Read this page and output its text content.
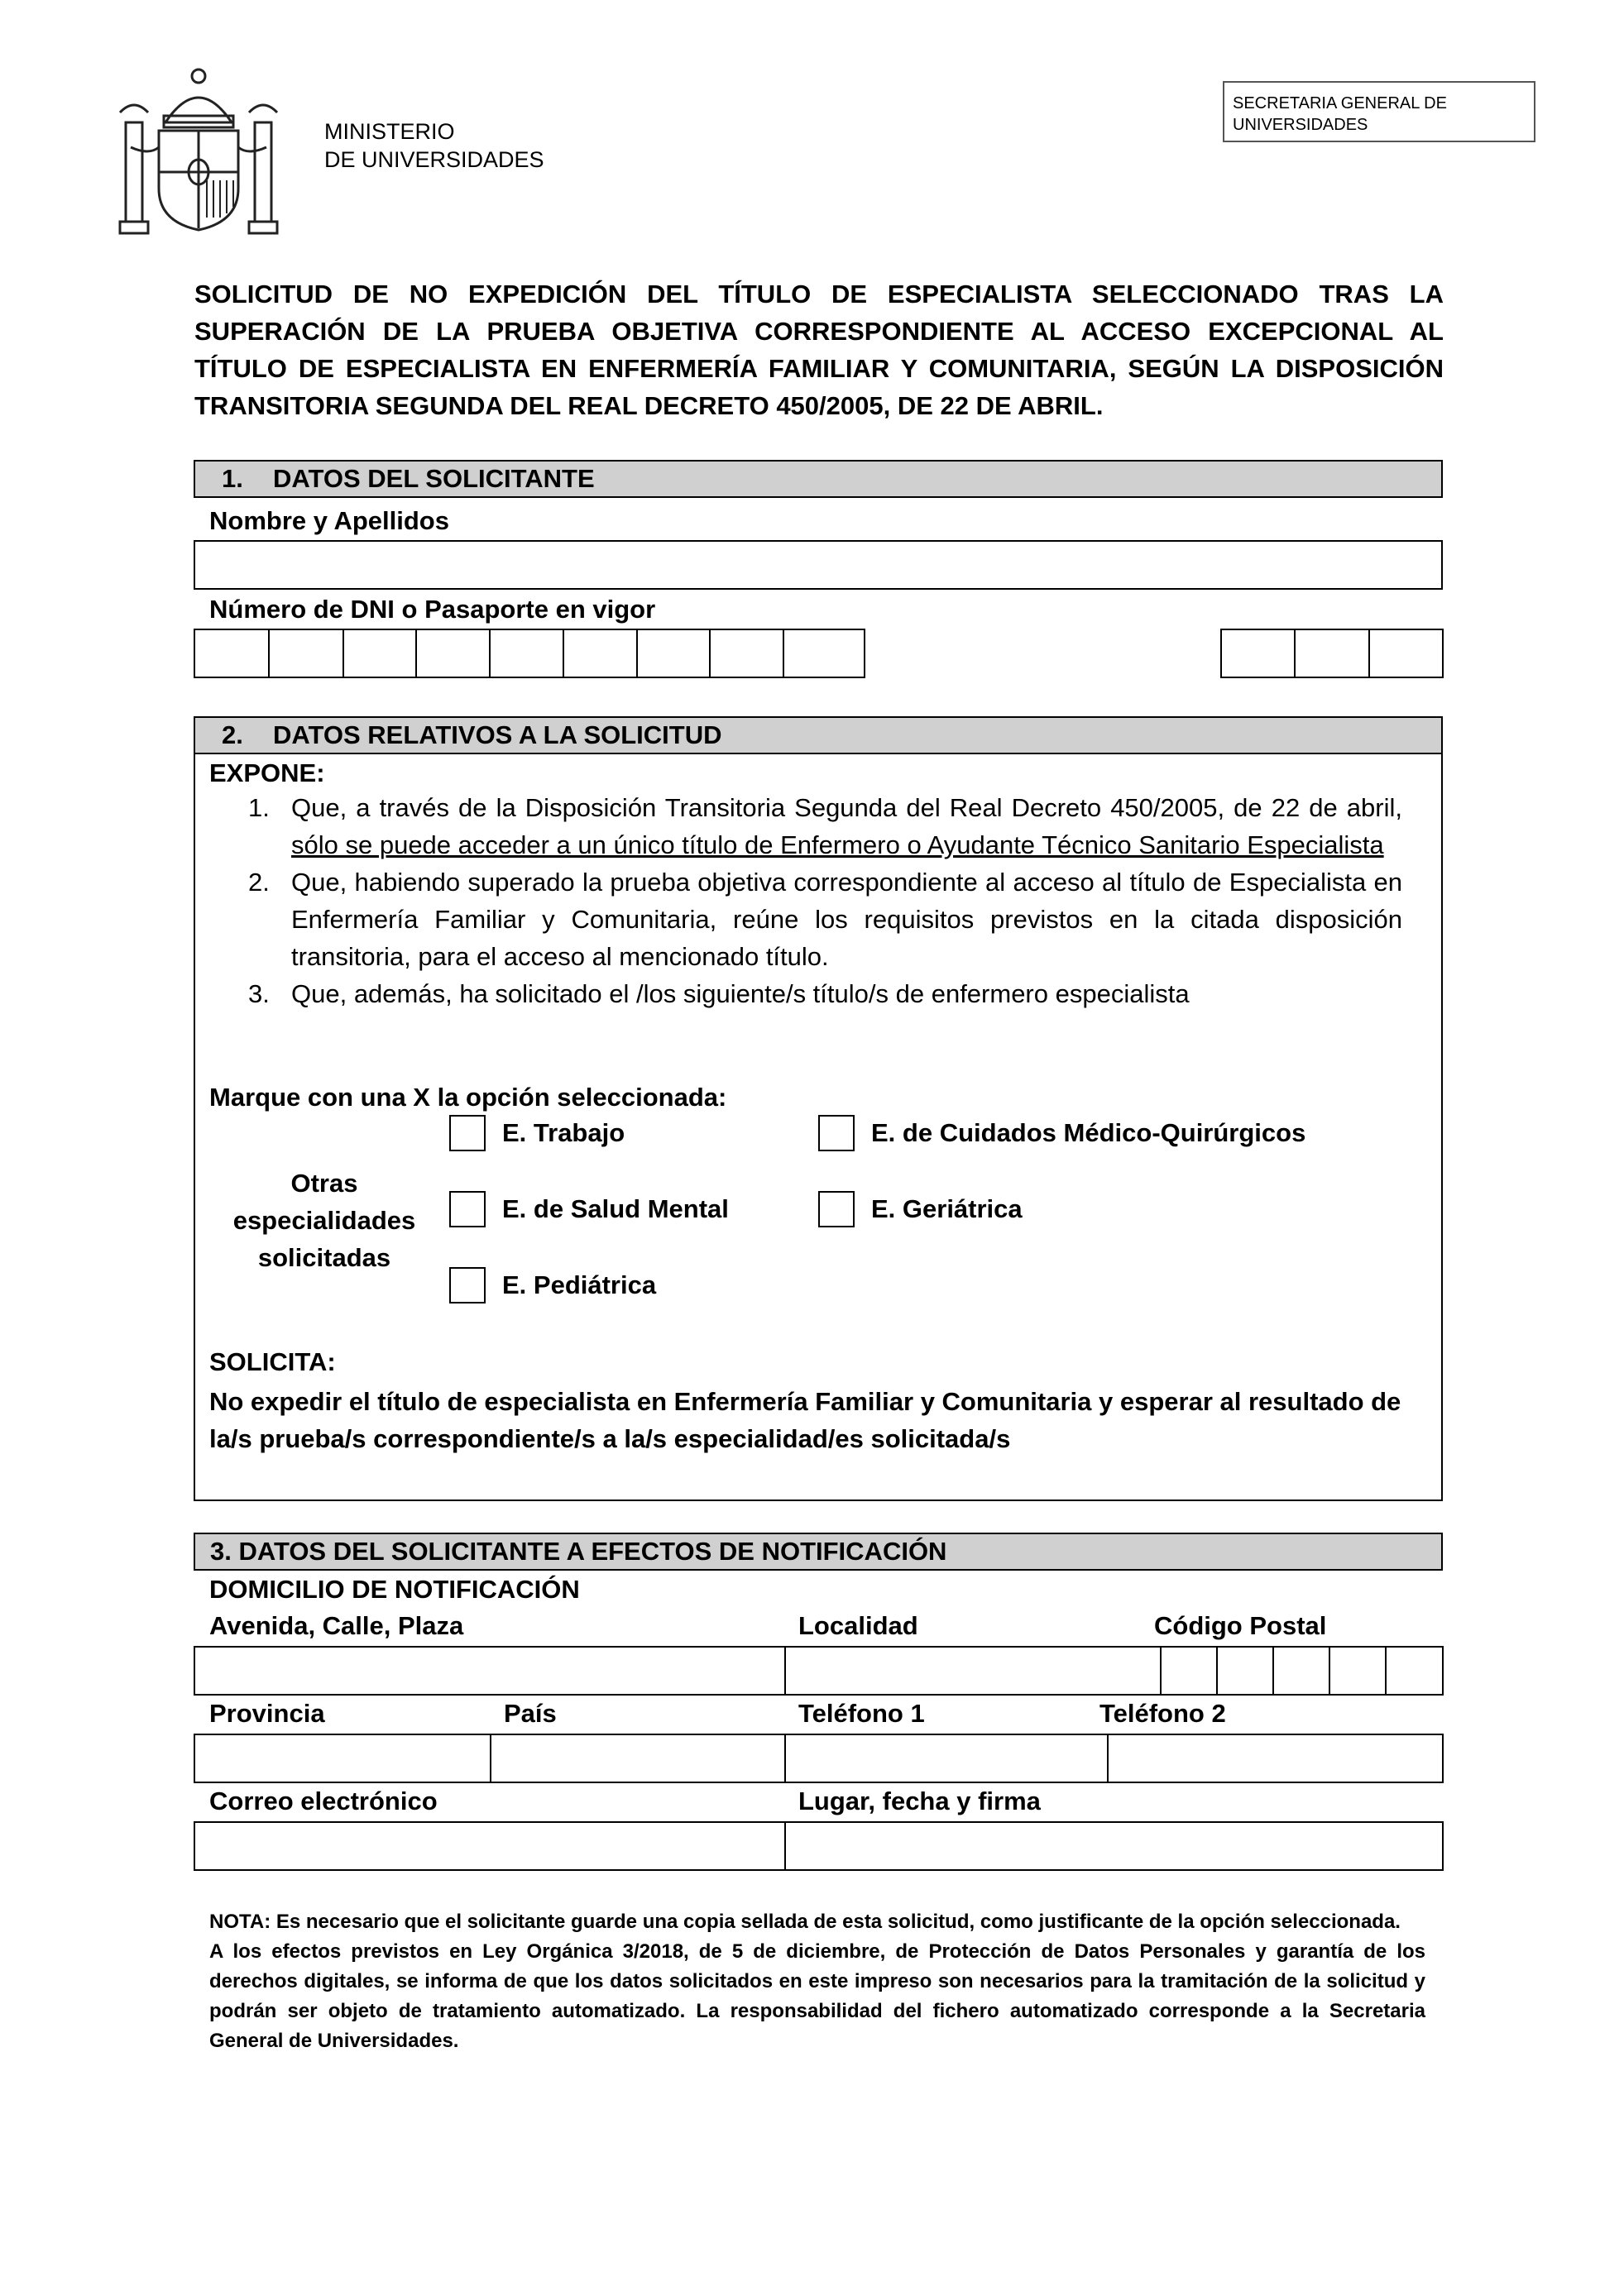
MINISTERIO
DE UNIVERSIDADES
SECRETARIA GENERAL DE
UNIVERSIDADES
SOLICITUD DE NO EXPEDICIÓN DEL TÍTULO DE ESPECIALISTA SELECCIONADO TRAS LA SUPERACIÓN DE LA PRUEBA OBJETIVA CORRESPONDIENTE AL ACCESO EXCEPCIONAL AL TÍTULO DE ESPECIALISTA EN ENFERMERÍA FAMILIAR Y COMUNITARIA, SEGÚN LA DISPOSICIÓN TRANSITORIA SEGUNDA DEL REAL DECRETO 450/2005, DE 22 DE ABRIL.
1. DATOS DEL SOLICITANTE
Nombre y Apellidos
Número de DNI o Pasaporte en vigor
2. DATOS RELATIVOS A LA SOLICITUD
EXPONE:
1. Que, a través de la Disposición Transitoria Segunda del Real Decreto 450/2005, de 22 de abril, sólo se puede acceder a un único título de Enfermero o Ayudante Técnico Sanitario Especialista
2. Que, habiendo superado la prueba objetiva correspondiente al acceso al título de Especialista en Enfermería Familiar y Comunitaria, reúne los requisitos previstos en la citada disposición transitoria, para el acceso al mencionado título.
3. Que, además, ha solicitado el /los siguiente/s título/s de enfermero especialista
Marque con una X la opción seleccionada:
Otras especialidades solicitadas
E. Trabajo	E. de Cuidados Médico-Quirúrgicos
E. de Salud Mental	E. Geriátrica
E. Pediátrica
SOLICITA:
No expedir el título de especialista en Enfermería Familiar y Comunitaria y esperar al resultado de la/s prueba/s correspondiente/s a la/s especialidad/es solicitada/s
3. DATOS DEL SOLICITANTE A EFECTOS DE NOTIFICACIÓN
DOMICILIO DE NOTIFICACIÓN
Avenida, Calle, Plaza	Localidad	Código Postal
Provincia	País	Teléfono 1	Teléfono 2
Correo electrónico	Lugar, fecha y firma
NOTA: Es necesario que el solicitante guarde una copia sellada de esta solicitud, como justificante de la opción seleccionada.
A los efectos previstos en Ley Orgánica 3/2018, de 5 de diciembre, de Protección de Datos Personales y garantía de los derechos digitales, se informa de que los datos solicitados en este impreso son necesarios para la tramitación de la solicitud y podrán ser objeto de tratamiento automatizado. La responsabilidad del fichero automatizado corresponde a la Secretaria General de Universidades.
